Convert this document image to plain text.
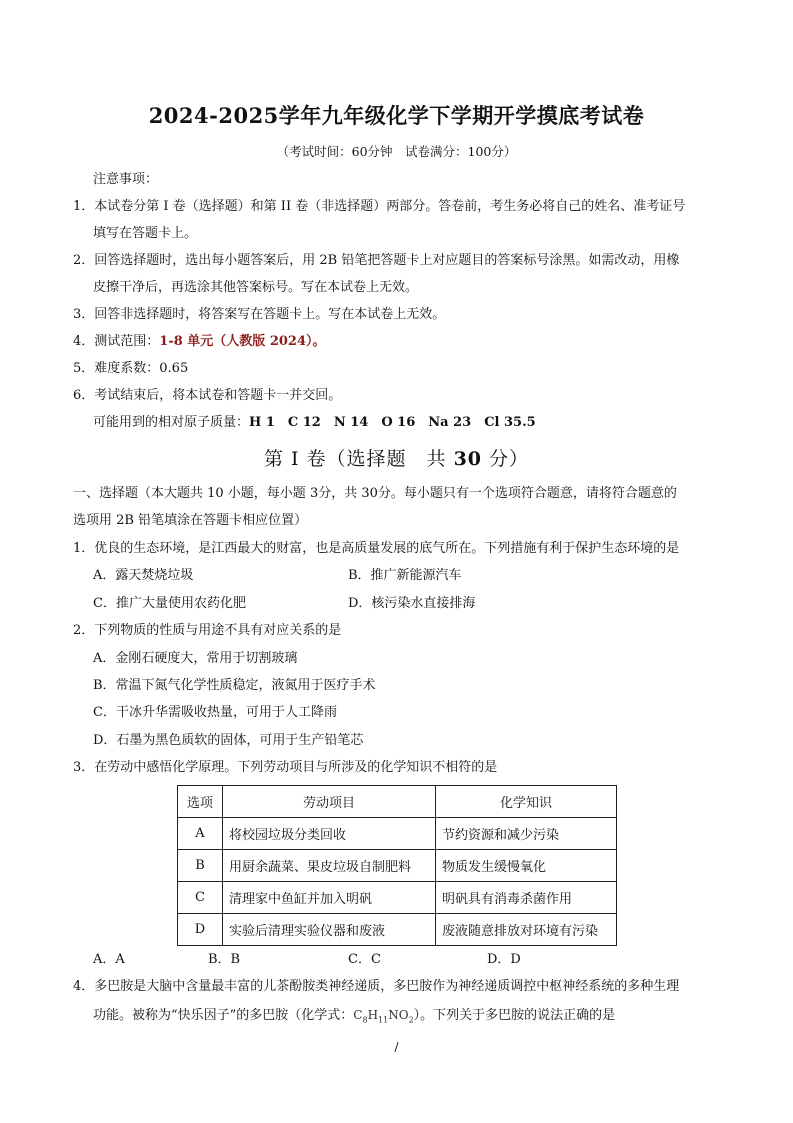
2024-2025学年九年级化学下学期开学摸底考试卷
（考试时间：60分钟　试卷满分：100分）
注意事项：
1．本试卷分第 I 卷（选择题）和第 II 卷（非选择题）两部分。答卷前，考生务必将自己的姓名、准考证号
填写在答题卡上。
2．回答选择题时，选出每小题答案后，用 2B 铅笔把答题卡上对应题目的答案标号涂黑。如需改动，用橡
皮擦干净后，再选涂其他答案标号。写在本试卷上无效。
3．回答非选择题时，将答案写在答题卡上。写在本试卷上无效。
4．测试范围：1-8 单元（人教版 2024）。
5．难度系数：0.65
6．考试结束后，将本试卷和答题卡一并交回。
可能用到的相对原子质量：H 1　C 12　N 14　O 16　Na 23　Cl 35.5
第 I 卷（选择题　共 30 分）
一、选择题（本大题共 10 小题，每小题 3分，共 30分。每小题只有一个选项符合题意，请将符合题意的
选项用 2B 铅笔填涂在答题卡相应位置）
1．优良的生态环境，是江西最大的财富，也是高质量发展的底气所在。下列措施有利于保护生态环境的是
A．露天焚烧垃圾	B．推广新能源汽车
C．推广大量使用农药化肥	D．核污染水直接排海
2．下列物质的性质与用途不具有对应关系的是
A．金刚石硬度大，常用于切割玻璃
B．常温下氮气化学性质稳定，液氮用于医疗手术
C．干冰升华需吸收热量，可用于人工降雨
D．石墨为黑色质软的固体，可用于生产铅笔芯
3．在劳动中感悟化学原理。下列劳动项目与所涉及的化学知识不相符的是
选项	劳动项目	化学知识
A	将校园垃圾分类回收	节约资源和减少污染
B	用厨余蔬菜、果皮垃圾自制肥料	物质发生缓慢氧化
C	清理家中鱼缸并加入明矾	明矾具有消毒杀菌作用
D	实验后清理实验仪器和废液	废液随意排放对环境有污染
A．A	B．B	C．C	D．D
4．多巴胺是大脑中含量最丰富的儿茶酚胺类神经递质，多巴胺作为神经递质调控中枢神经系统的多种生理
功能。被称为“快乐因子”的多巴胺（化学式：$C_8H_{11}NO_2$）。下列关于多巴胺的说法正确的是
/
